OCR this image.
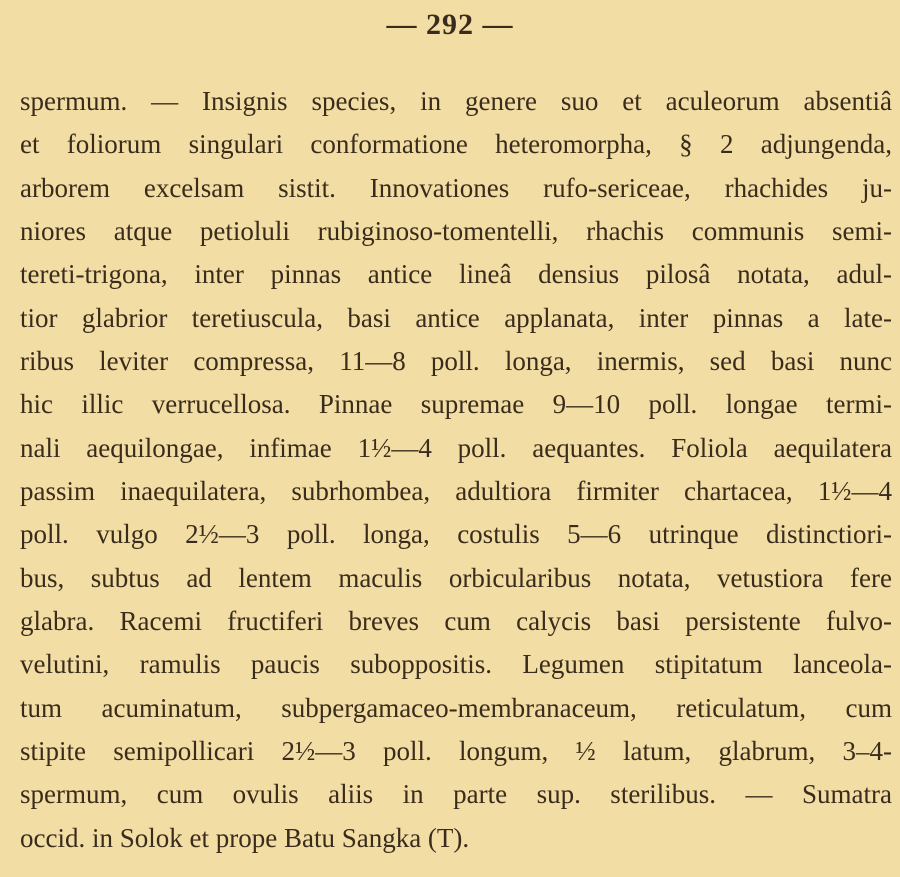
— 292 —
spermum. — Insignis species, in genere suo et aculeorum absentiâ
et foliorum singulari conformatione heteromorpha, § 2 adjungenda,
arborem excelsam sistit. Innovationes rufo-sericeae, rhachides ju-
niores atque petioluli rubiginoso-tomentelli, rhachis communis semi-
tereti-trigona, inter pinnas antice lineâ densius pilosâ notata, adul-
tior glabrior teretiuscula, basi antice applanata, inter pinnas a late-
ribus leviter compressa, 11—8 poll. longa, inermis, sed basi nunc
hic illic verrucellosa. Pinnae supremae 9—10 poll. longae termi-
nali aequilongae, infimae 1½—4 poll. aequantes. Foliola aequilatera
passim inaequilatera, subrhombea, adultiora firmiter chartacea, 1½—4
poll. vulgo 2½—3 poll. longa, costulis 5—6 utrinque distinctiori-
bus, subtus ad lentem maculis orbicularibus notata, vetustiora fere
glabra. Racemi fructiferi breves cum calycis basi persistente fulvo-
velutini, ramulis paucis suboppositis. Legumen stipitatum lanceola-
tum acuminatum, subpergamaceo-membranaceum, reticulatum, cum
stipite semipollicari 2½—3 poll. longum, ½ latum, glabrum, 3–4-
spermum, cum ovulis aliis in parte sup. sterilibus. — Sumatra
occid. in Solok et prope Batu Sangka (T).
